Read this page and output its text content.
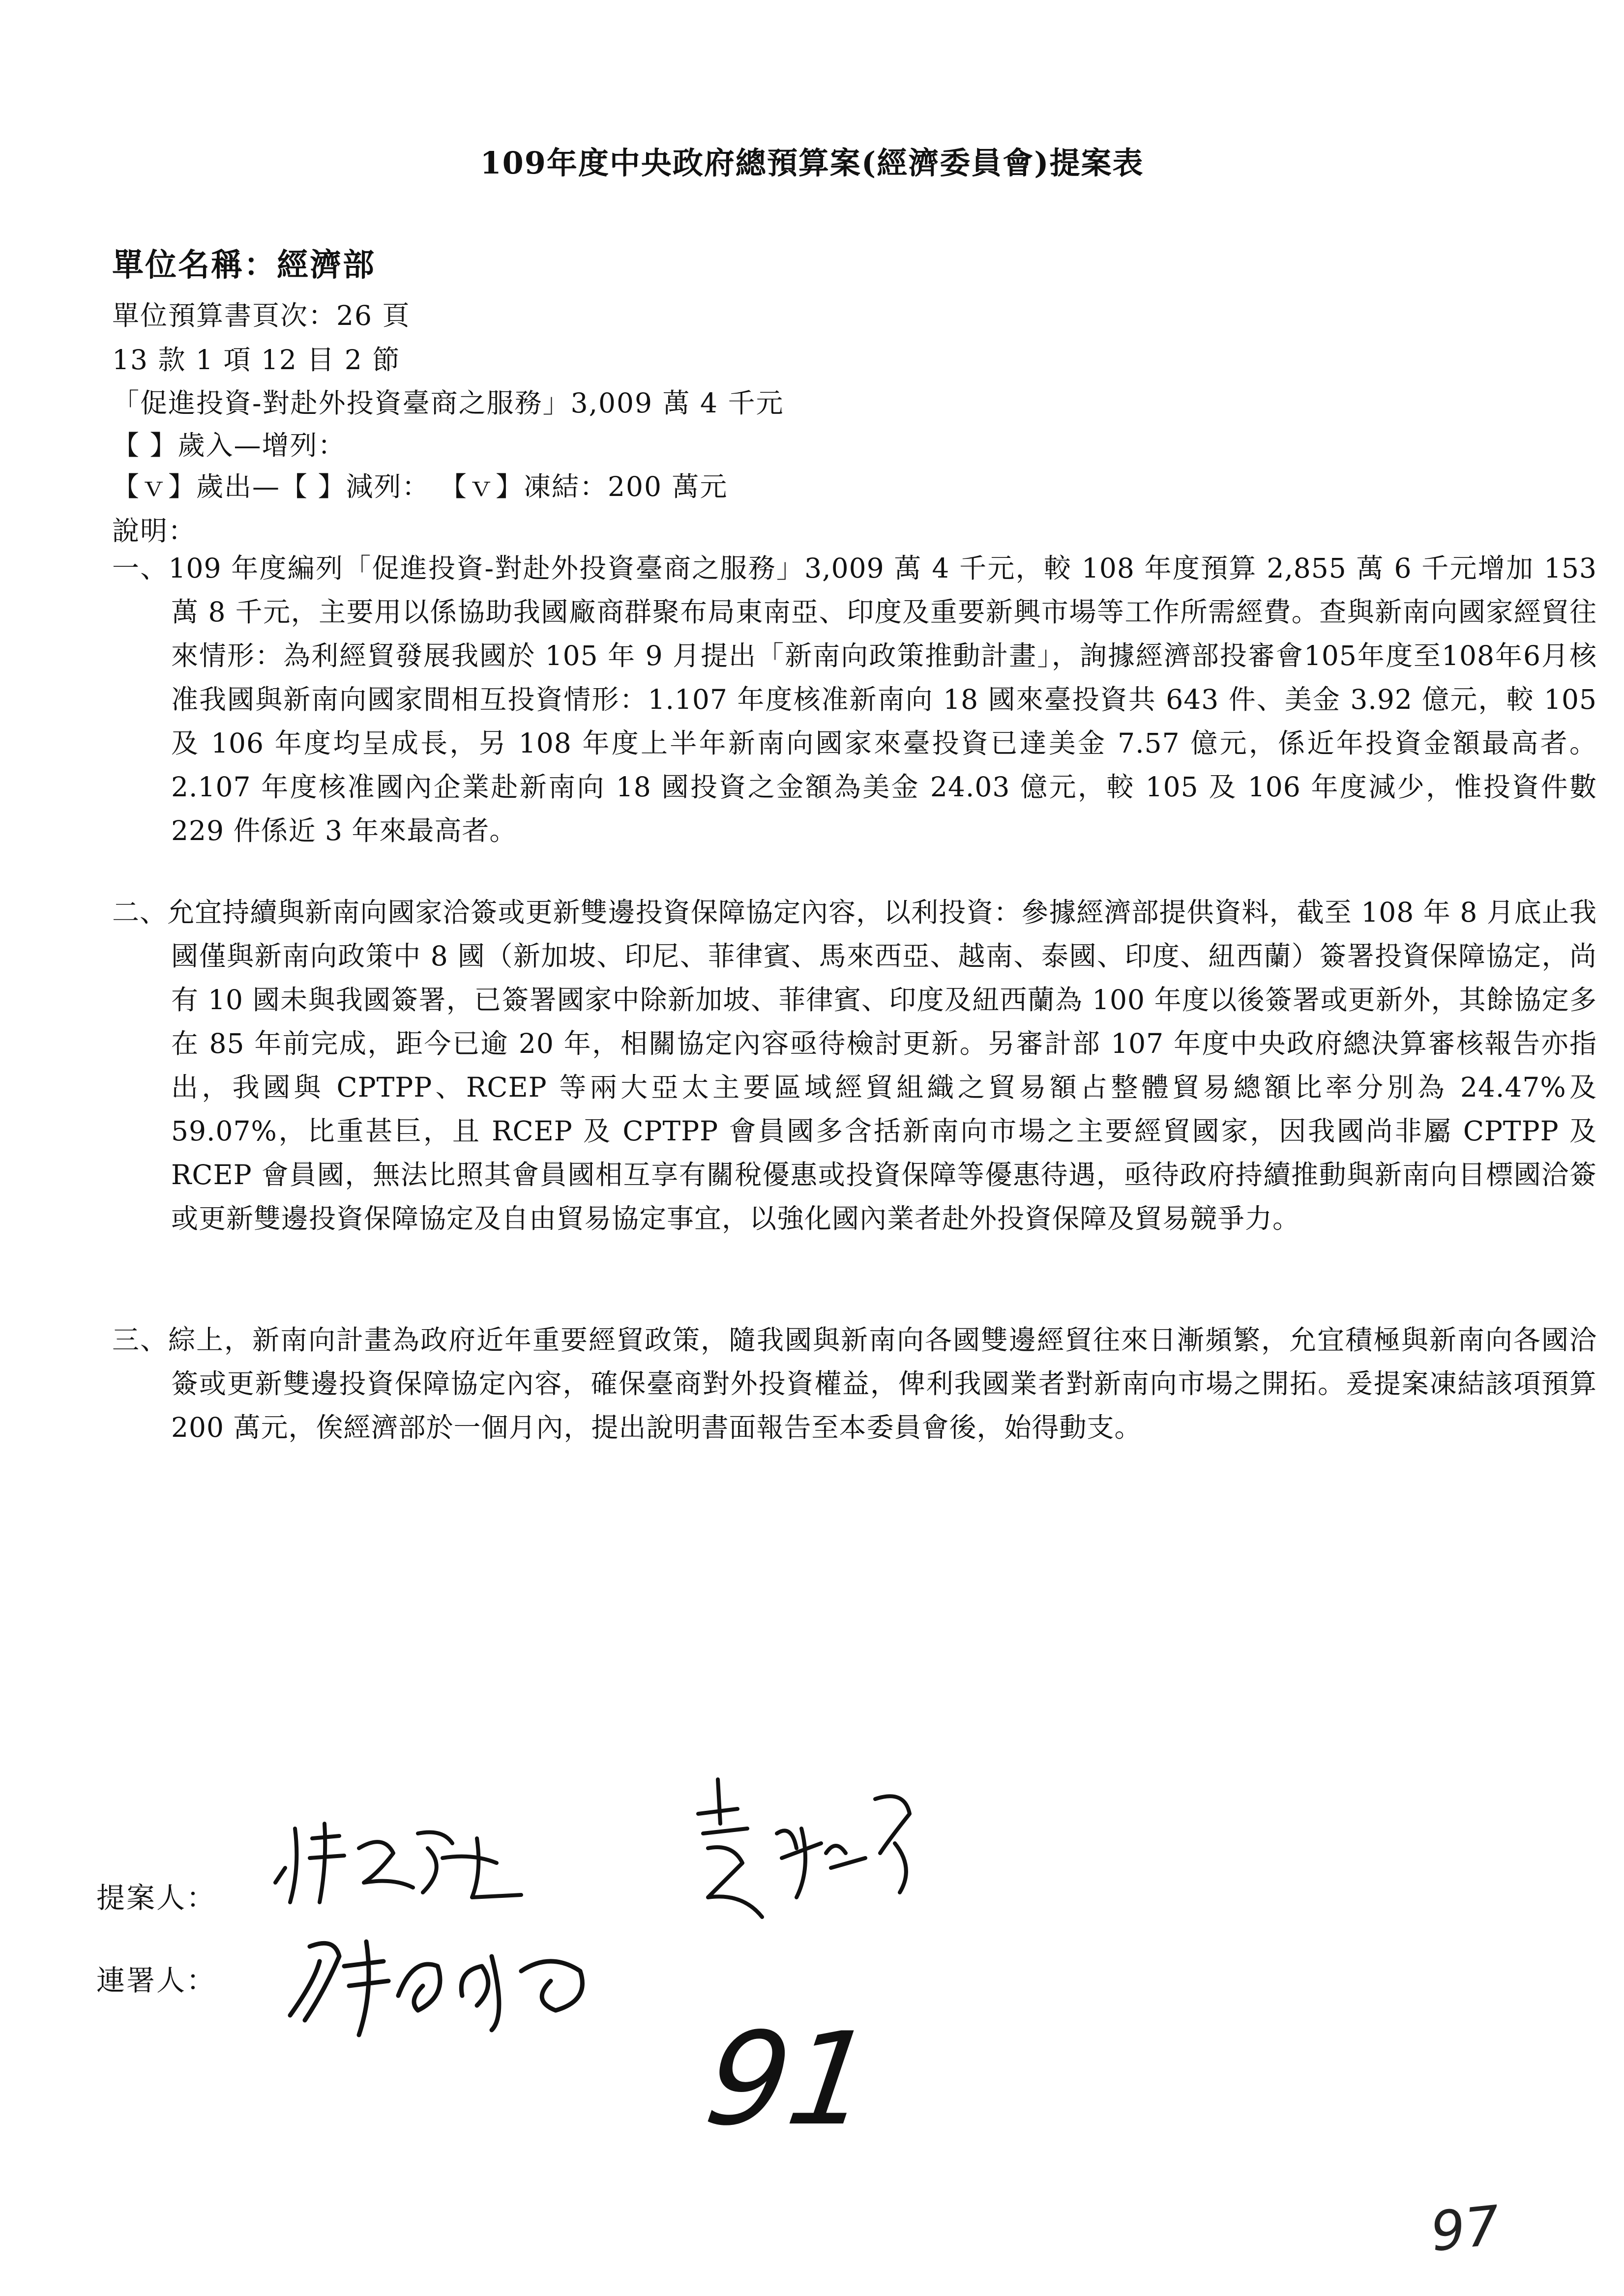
109年度中央政府總預算案(經濟委員會)提案表
單位名稱：經濟部
單位預算書頁次：26 頁
13 款 1 項 12 目 2 節
「促進投資-對赴外投資臺商之服務」3,009 萬 4 千元
【 】歲入—增列：
【ｖ】歲出—【 】減列： 【ｖ】凍結：200 萬元
說明：
一、109 年度編列「促進投資-對赴外投資臺商之服務」3,009 萬 4 千元，較 108 年度預算 2,855 萬 6 千元增加 153 萬 8 千元，主要用以係協助我國廠商群聚布局東南亞、印度及重要新興市場等工作所需經費。查與新南向國家經貿往來情形：為利經貿發展我國於 105 年 9 月提出「新南向政策推動計畫」，詢據經濟部投審會105年度至108年6月核准我國與新南向國家間相互投資情形：1.107 年度核准新南向 18 國來臺投資共 643 件、美金 3.92 億元，較 105 及 106 年度均呈成長，另 108 年度上半年新南向國家來臺投資已達美金 7.57 億元，係近年投資金額最高者。2.107 年度核准國內企業赴新南向 18 國投資之金額為美金 24.03 億元，較 105 及 106 年度減少，惟投資件數 229 件係近 3 年來最高者。
二、允宜持續與新南向國家洽簽或更新雙邊投資保障協定內容，以利投資：參據經濟部提供資料，截至 108 年 8 月底止我國僅與新南向政策中 8 國（新加坡、印尼、菲律賓、馬來西亞、越南、泰國、印度、紐西蘭）簽署投資保障協定，尚有 10 國未與我國簽署，已簽署國家中除新加坡、菲律賓、印度及紐西蘭為 100 年度以後簽署或更新外，其餘協定多在 85 年前完成，距今已逾 20 年，相關協定內容亟待檢討更新。另審計部 107 年度中央政府總決算審核報告亦指出，我國與 CPTPP、RCEP 等兩大亞太主要區域經貿組織之貿易額占整體貿易總額比率分別為 24.47%及 59.07%，比重甚巨，且 RCEP 及 CPTPP 會員國多含括新南向市場之主要經貿國家，因我國尚非屬 CPTPP 及 RCEP 會員國，無法比照其會員國相互享有關稅優惠或投資保障等優惠待遇，亟待政府持續推動與新南向目標國洽簽或更新雙邊投資保障協定及自由貿易協定事宜，以強化國內業者赴外投資保障及貿易競爭力。
三、綜上，新南向計畫為政府近年重要經貿政策，隨我國與新南向各國雙邊經貿往來日漸頻繁，允宜積極與新南向各國洽簽或更新雙邊投資保障協定內容，確保臺商對外投資權益，俾利我國業者對新南向市場之開拓。爰提案凍結該項預算 200 萬元，俟經濟部於一個月內，提出說明書面報告至本委員會後，始得動支。
提案人：
連署人：
91
97
